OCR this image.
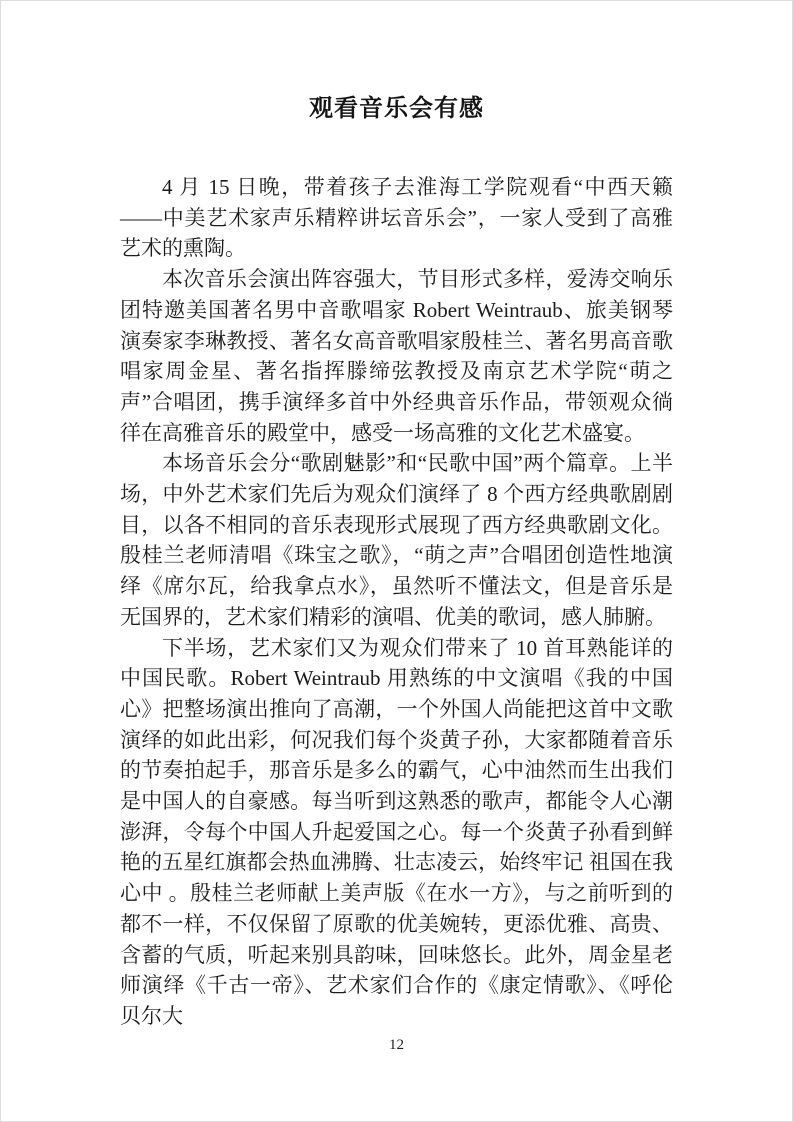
观看音乐会有感

4 月 15 日晚，带着孩子去淮海工学院观看“中西天籁——中美艺术家声乐精粹讲坛音乐会”，一家人受到了高雅艺术的熏陶。

本次音乐会演出阵容强大，节目形式多样，爱涛交响乐团特邀美国著名男中音歌唱家 Robert Weintraub、旅美钢琴演奏家李琳教授、著名女高音歌唱家殷桂兰、著名男高音歌唱家周金星、著名指挥滕缔弦教授及南京艺术学院“萌之声”合唱团，携手演绎多首中外经典音乐作品，带领观众徜徉在高雅音乐的殿堂中，感受一场高雅的文化艺术盛宴。

本场音乐会分“歌剧魅影”和“民歌中国”两个篇章。上半场，中外艺术家们先后为观众们演绎了 8 个西方经典歌剧剧目，以各不相同的音乐表现形式展现了西方经典歌剧文化。殷桂兰老师清唱《珠宝之歌》，“萌之声”合唱团创造性地演绎《席尔瓦，给我拿点水》，虽然听不懂法文，但是音乐是无国界的，艺术家们精彩的演唱、优美的歌词，感人肺腑。

下半场，艺术家们又为观众们带来了 10 首耳熟能详的中国民歌。Robert Weintraub 用熟练的中文演唱《我的中国心》把整场演出推向了高潮，一个外国人尚能把这首中文歌演绎的如此出彩，何况我们每个炎黄子孙，大家都随着音乐的节奏拍起手，那音乐是多么的霸气，心中油然而生出我们是中国人的自豪感。每当听到这熟悉的歌声，都能令人心潮澎湃，令每个中国人升起爱国之心。每一个炎黄子孙看到鲜艳的五星红旗都会热血沸腾、壮志凌云，始终牢记 祖国在我心中 。殷桂兰老师献上美声版《在水一方》，与之前听到的都不一样，不仅保留了原歌的优美婉转，更添优雅、高贵、含蓄的气质，听起来别具韵味，回味悠长。此外，周金星老师演绎《千古一帝》、艺术家们合作的《康定情歌》、《呼伦贝尔大

12
